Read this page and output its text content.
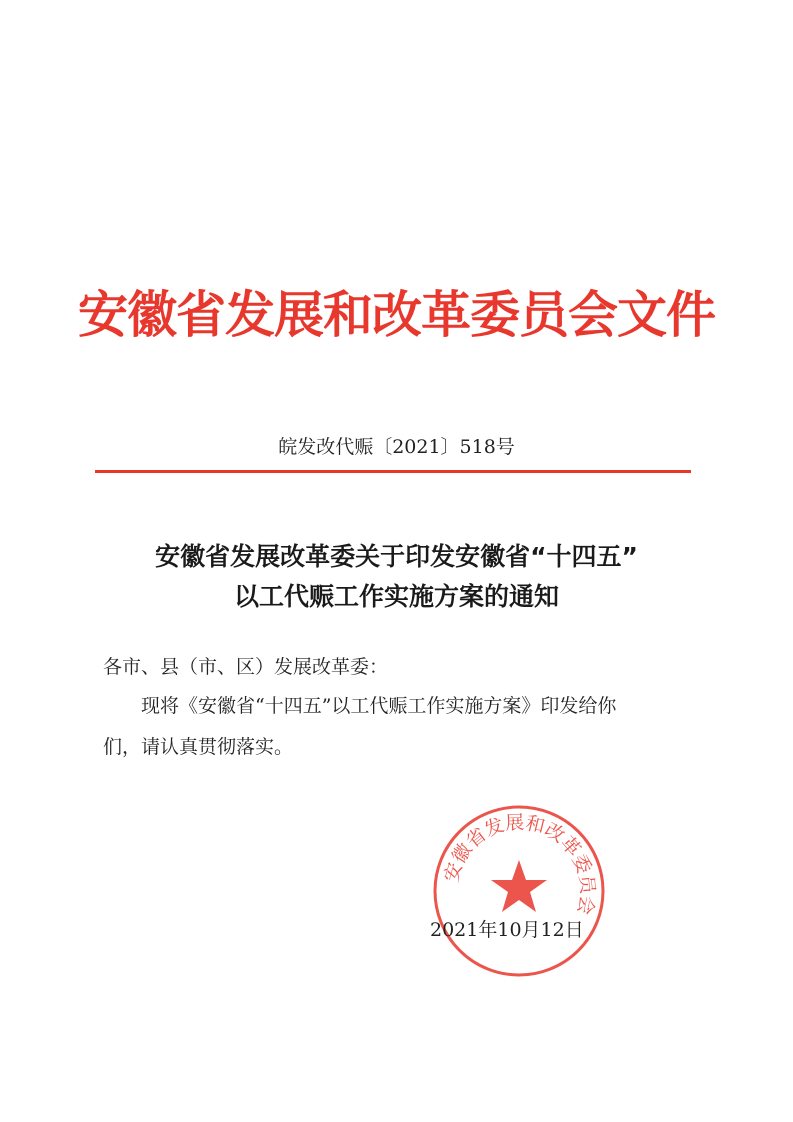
安徽省发展和改革委员会文件
皖发改代赈〔2021〕518号
安徽省发展改革委关于印发安徽省“十四五”
以工代赈工作实施方案的通知
各市、县（市、区）发展改革委：
现将《安徽省“十四五”以工代赈工作实施方案》印发给你
们，请认真贯彻落实。
安徽省发展和改革委员会
2021年10月12日
